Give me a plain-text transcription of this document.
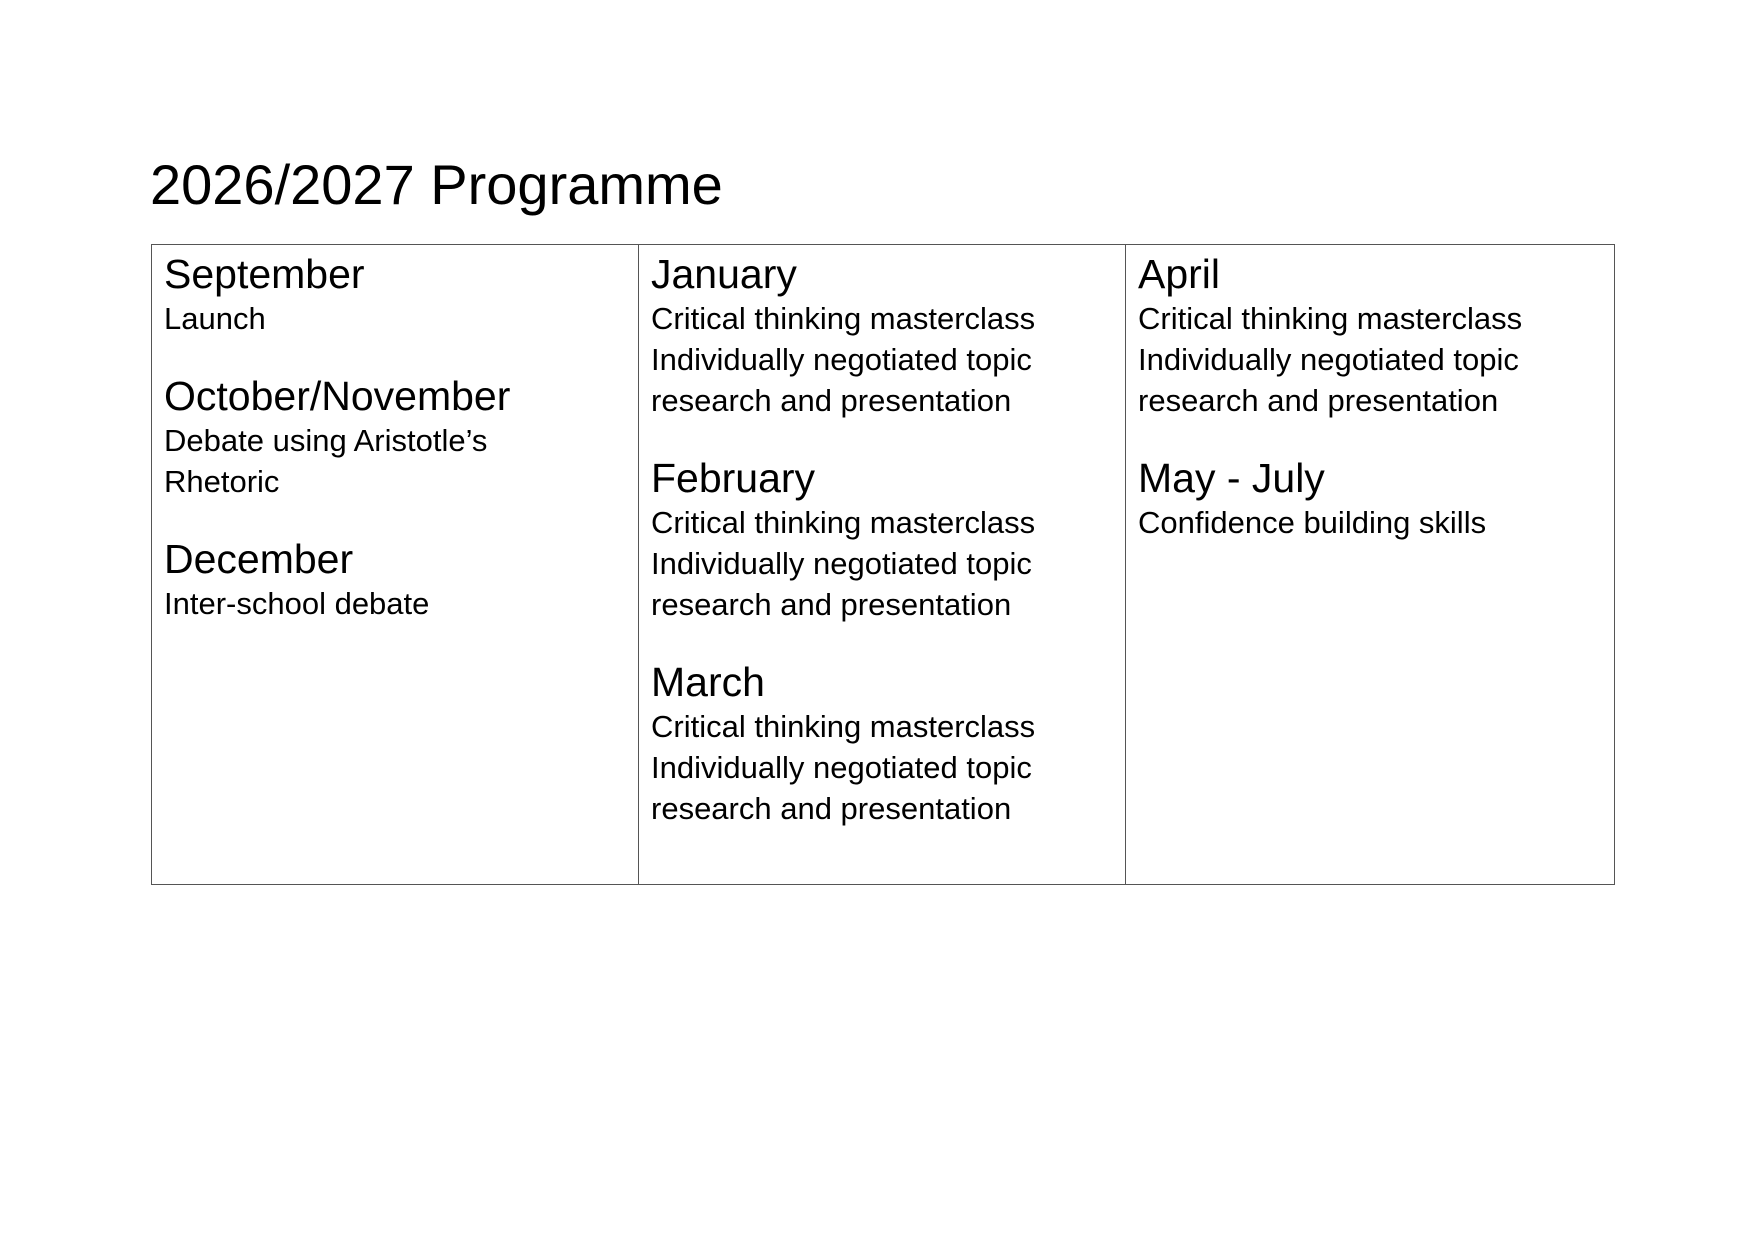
2026/2027 Programme
September
Launch
October/November
Debate using Aristotle’s
Rhetoric
December
Inter-school debate
January
Critical thinking masterclass
Individually negotiated topic
research and presentation
February
Critical thinking masterclass
Individually negotiated topic
research and presentation
March
Critical thinking masterclass
Individually negotiated topic
research and presentation
April
Critical thinking masterclass
Individually negotiated topic
research and presentation
May - July
Confidence building skills
